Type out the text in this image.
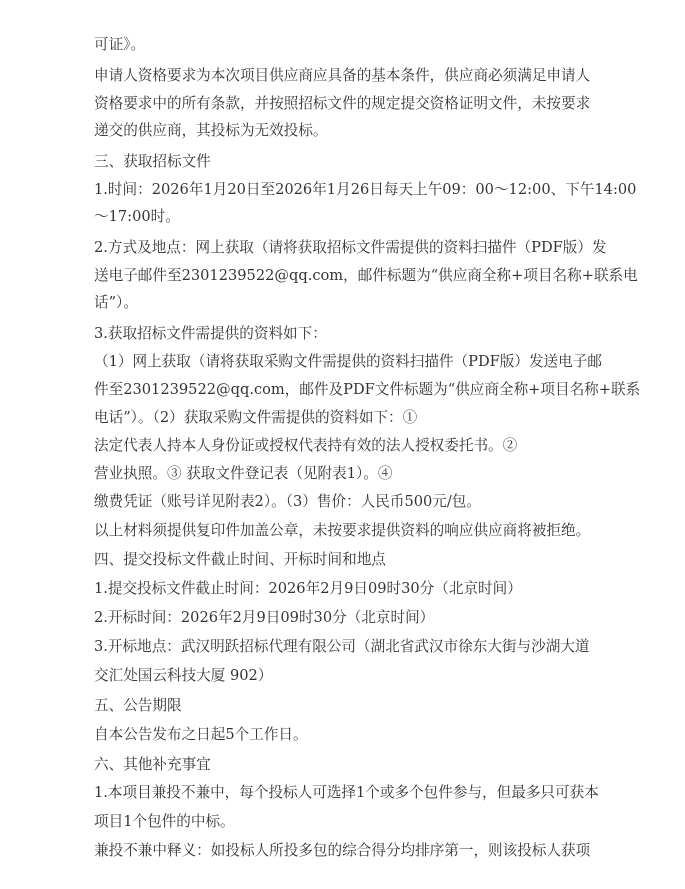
可证》。
申请人资格要求为本次项目供应商应具备的基本条件，供应商必须满足申请人
资格要求中的所有条款，并按照招标文件的规定提交资格证明文件，未按要求
递交的供应商，其投标为无效投标。
三、获取招标文件
1.时间：2026年1月20日至2026年1月26日每天上午09：00～12:00、下午14:00
～17:00时。
2.方式及地点：网上获取（请将获取招标文件需提供的资料扫描件（PDF版）发
送电子邮件至2301239522@qq.com，邮件标题为“供应商全称+项目名称+联系电
话”）。
3.获取招标文件需提供的资料如下：
（1）网上获取（请将获取采购文件需提供的资料扫描件（PDF版）发送电子邮
件至2301239522@qq.com，邮件及PDF文件标题为“供应商全称+项目名称+联系
电话”）。（2）获取采购文件需提供的资料如下：①
法定代表人持本人身份证或授权代表持有效的法人授权委托书。②
营业执照。③ 获取文件登记表（见附表1）。④
缴费凭证（账号详见附表2）。（3）售价：人民币500元/包。
以上材料须提供复印件加盖公章，未按要求提供资料的响应供应商将被拒绝。
四、提交投标文件截止时间、开标时间和地点
1.提交投标文件截止时间：2026年2月9日09时30分（北京时间）
2.开标时间：2026年2月9日09时30分（北京时间）
3.开标地点：武汉明跃招标代理有限公司（湖北省武汉市徐东大街与沙湖大道
交汇处国云科技大厦 902）
五、公告期限
自本公告发布之日起5个工作日。
六、其他补充事宜
1.本项目兼投不兼中，每个投标人可选择1个或多个包件参与，但最多只可获本
项目1个包件的中标。
兼投不兼中释义：如投标人所投多包的综合得分均排序第一，则该投标人获项
